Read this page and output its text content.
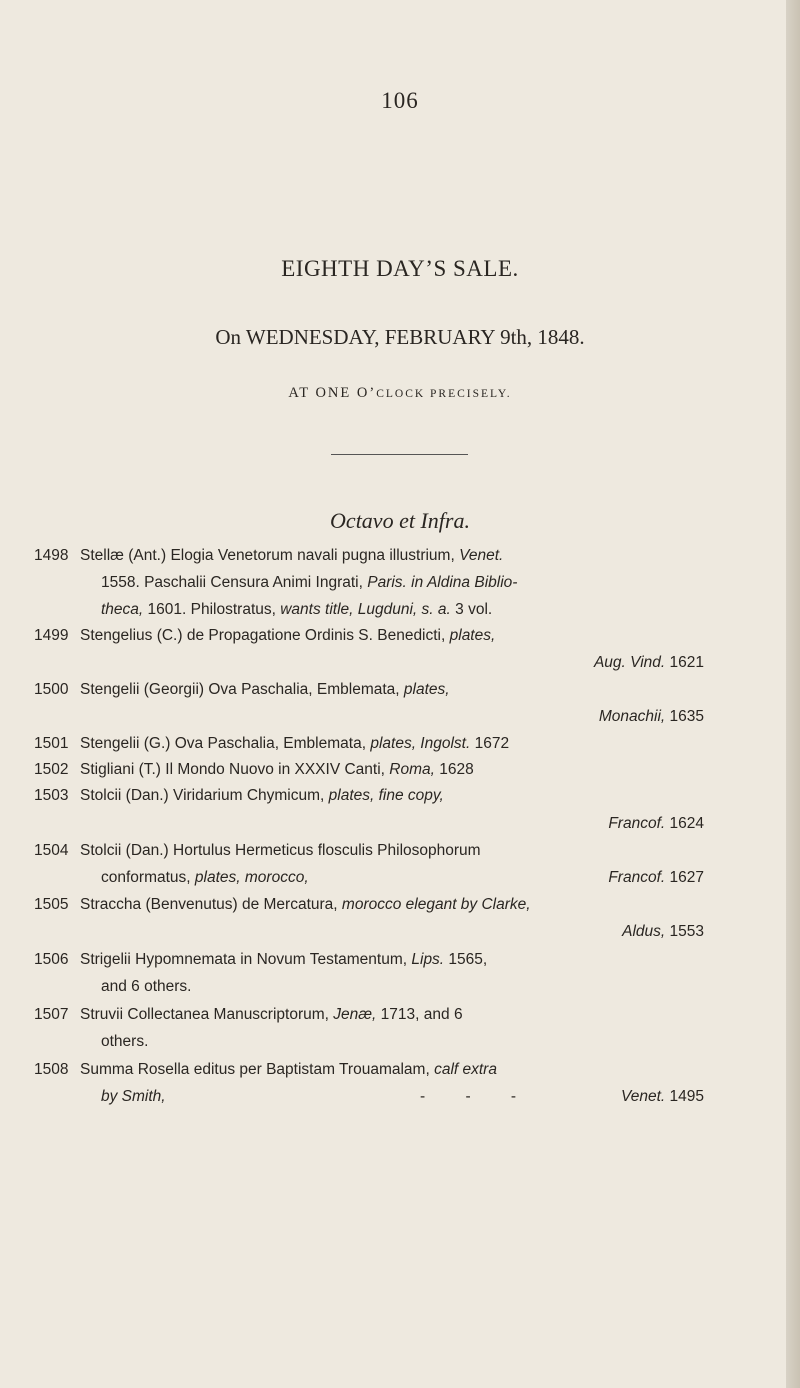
106
EIGHTH DAY’S SALE.
On WEDNESDAY, FEBRUARY 9th, 1848.
AT ONE O’CLOCK PRECISELY.
Octavo et Infra.
1498 Stellæ (Ant.) Elogia Venetorum navali pugna illustrium, Venet.
1558. Paschalii Censura Animi Ingrati, Paris. in Aldina Biblio-
theca, 1601. Philostratus, wants title, Lugduni, s. a. 3 vol.
1499 Stengelius (C.) de Propagatione Ordinis S. Benedicti, plates,
Aug. Vind. 1621
1500 Stengelii (Georgii) Ova Paschalia, Emblemata, plates,
Monachii, 1635
1501 Stengelii (G.) Ova Paschalia, Emblemata, plates, Ingolst. 1672
1502 Stigliani (T.) Il Mondo Nuovo in XXXIV Canti, Roma, 1628
1503 Stolcii (Dan.) Viridarium Chymicum, plates, fine copy,
Francof. 1624
1504 Stolcii (Dan.) Hortulus Hermeticus flosculis Philosophorum
conformatus, plates, morocco,	Francof. 1627
1505 Straccha (Benvenutus) de Mercatura, morocco elegant by Clarke,
Aldus, 1553
1506 Strigelii Hypomnemata in Novum Testamentum, Lips. 1565,
and 6 others.
1507 Struvii Collectanea Manuscriptorum, Jenæ, 1713, and 6
others.
1508 Summa Rosella editus per Baptistam Trouamalam, calf extra
by Smith,	- - -	Venet. 1495
